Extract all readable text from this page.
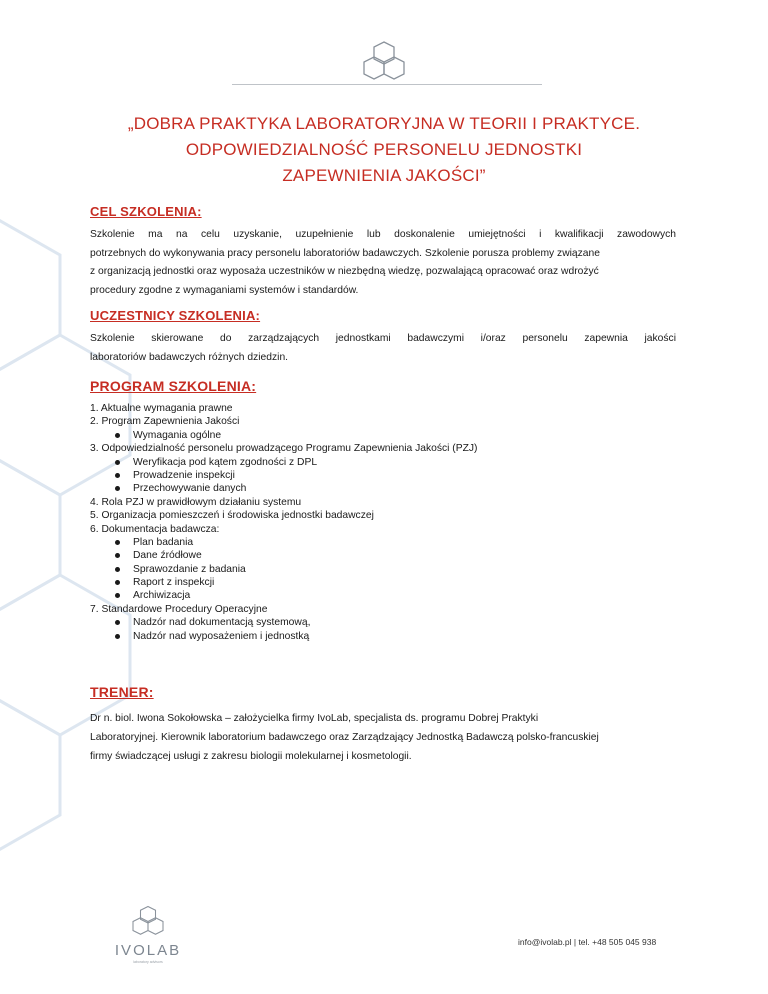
„DOBRA PRAKTYKA LABORATORYJNA W TEORII I PRAKTYCE.
ODPOWIEDZIALNOŚĆ PERSONELU JEDNOSTKI
ZAPEWNIENIA JAKOŚCI”
CEL SZKOLENIA:
Szkolenie ma na celu uzyskanie, uzupełnienie lub doskonalenie umiejętności i kwalifikacji zawodowych
potrzebnych do wykonywania pracy personelu laboratoriów badawczych. Szkolenie porusza problemy związane
z organizacją jednostki oraz wyposaża uczestników w niezbędną wiedzę, pozwalającą opracować oraz wdrożyć
procedury zgodne z wymaganiami systemów i standardów.
UCZESTNICY SZKOLENIA:
Szkolenie skierowane do zarządzających jednostkami badawczymi i/oraz personelu zapewnia jakości
laboratoriów badawczych różnych dziedzin.
PROGRAM SZKOLENIA:
1. Aktualne wymagania prawne
2. Program Zapewnienia Jakości
Wymagania ogólne
3. Odpowiedzialność personelu prowadzącego Programu Zapewnienia Jakości (PZJ)
Weryfikacja pod kątem zgodności z DPL
Prowadzenie inspekcji
Przechowywanie danych
4. Rola PZJ w prawidłowym działaniu systemu
5. Organizacja pomieszczeń i środowiska jednostki badawczej
6. Dokumentacja badawcza:
Plan badania
Dane źródłowe
Sprawozdanie z badania
Raport z inspekcji
Archiwizacja
7. Standardowe Procedury Operacyjne
Nadzór nad dokumentacją systemową,
Nadzór nad wyposażeniem i jednostką
TRENER:
Dr n. biol. Iwona Sokołowska – założycielka firmy IvoLab, specjalista ds. programu Dobrej Praktyki
Laboratoryjnej. Kierownik laboratorium badawczego oraz Zarządzający Jednostką Badawczą polsko-francuskiej
firmy świadczącej usługi z zakresu biologii molekularnej i kosmetologii.
IVOLAB
laboratory advisors
info@ivolab.pl | tel. +48 505 045 938
